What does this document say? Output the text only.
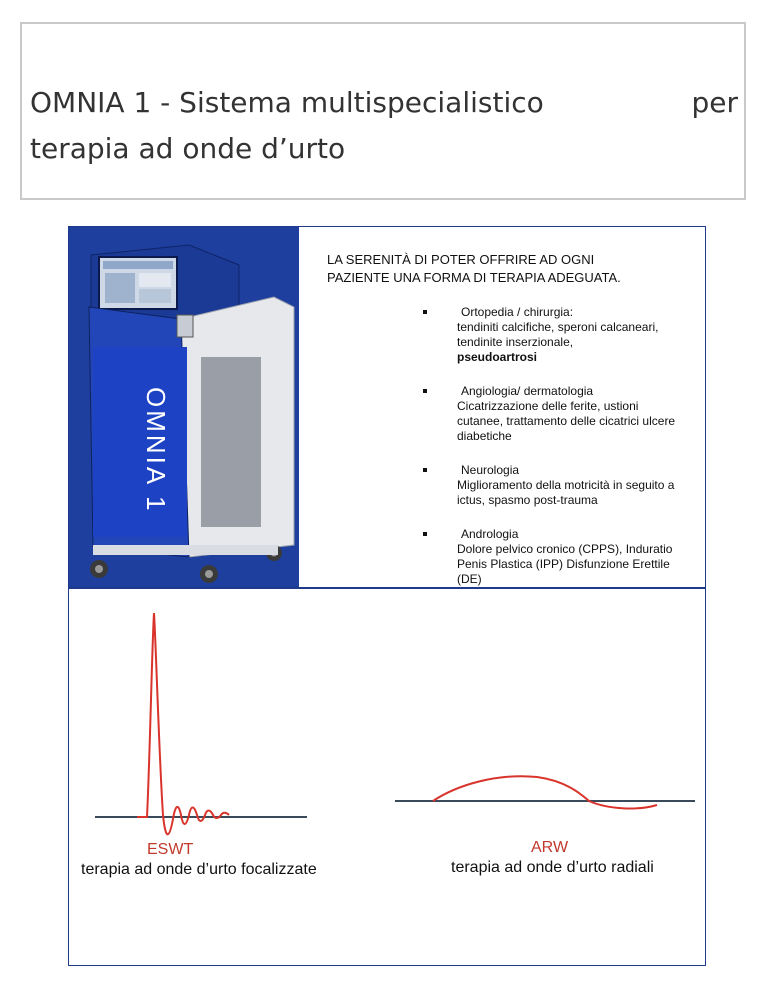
OMNIA 1 - Sistema multispecialistico	per
terapia ad onde d’urto
OMNIA 1
LA SERENITÀ DI POTER OFFRIRE AD OGNI
PAZIENTE UNA FORMA DI TERAPIA ADEGUATA.
Ortopedia / chirurgia:
tendiniti calcifiche, speroni calcaneari, tendinite inserzionale,
pseudoartrosi
Angiologia/ dermatologia
Cicatrizzazione delle ferite, ustioni cutanee, trattamento delle cicatrici ulcere diabetiche
Neurologia
Miglioramento della motricità in seguito a ictus, spasmo post-trauma
Andrologia
Dolore pelvico cronico (CPPS), Induratio Penis Plastica (IPP) Disfunzione Erettile (DE)
ESWT
terapia ad onde d’urto focalizzate
ARW
terapia ad onde d’urto radiali
